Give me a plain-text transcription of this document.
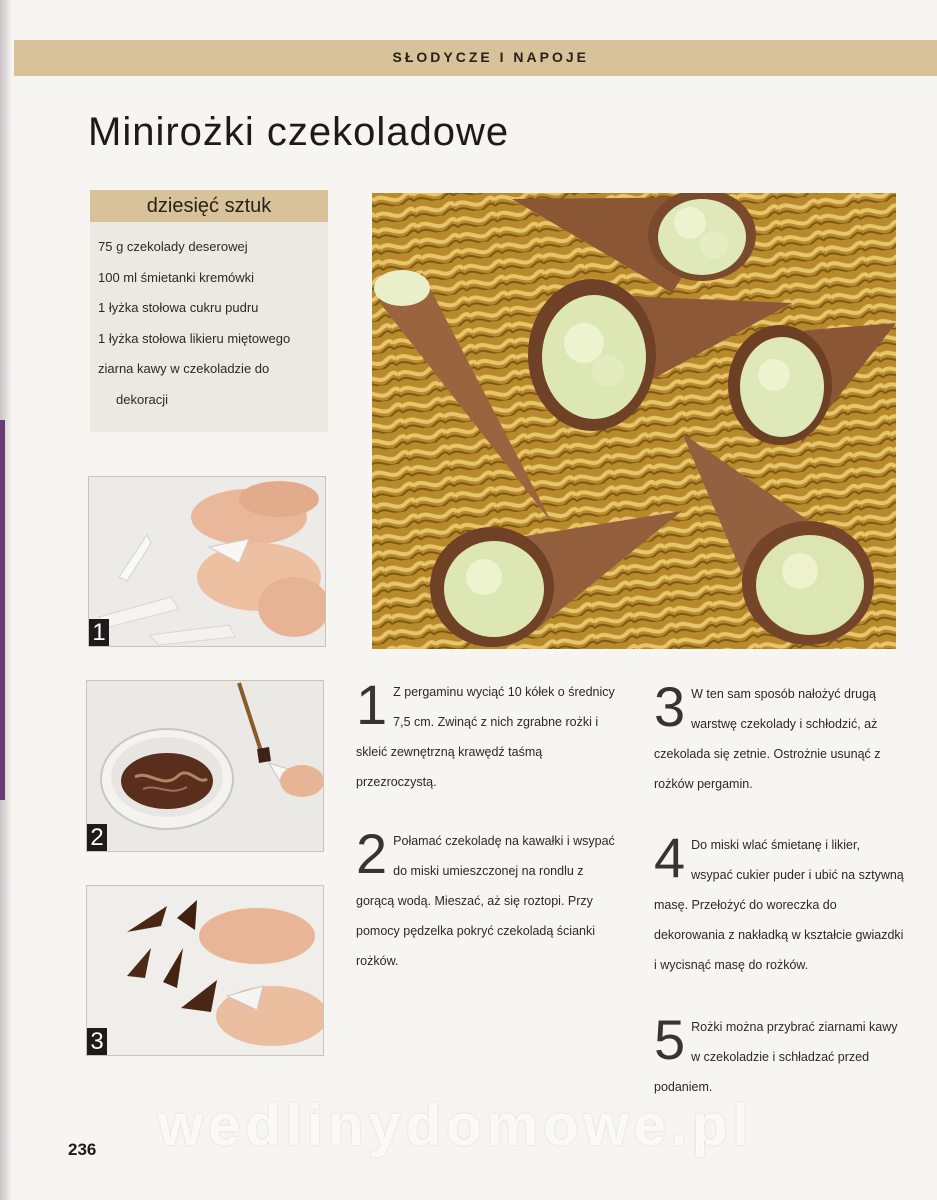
SŁODYCZE I NAPOJE
Minirożki czekoladowe
dziesięć sztuk
75 g czekolady deserowej
100 ml śmietanki kremówki
1 łyżka stołowa cukru pudru
1 łyżka stołowa likieru miętowego
ziarna kawy w czekoladzie do
dekoracji
1
2
3
1 Z pergaminu wyciąć 10 kółek o średnicy 7,5 cm. Zwinąć z nich zgrabne rożki i skleić zewnętrzną krawędź taśmą przezroczystą.

2 Połamać czekoladę na kawałki i wsypać do miski umieszczonej na rondlu z gorącą wodą. Mieszać, aż się roztopi. Przy pomocy pędzelka pokryć czekoladą ścianki rożków.

3 W ten sam sposób nałożyć drugą warstwę czekolady i schłodzić, aż czekolada się zetnie. Ostrożnie usunąć z rożków pergamin.

4 Do miski wlać śmietanę i likier, wsypać cukier puder i ubić na sztywną masę. Przełożyć do woreczka do dekorowania z nakładką w kształcie gwiazdki i wycisnąć masę do rożków.

5 Rożki można przybrać ziarnami kawy w czekoladzie i schładzać przed podaniem.

wedlinydomowe.pl
236
